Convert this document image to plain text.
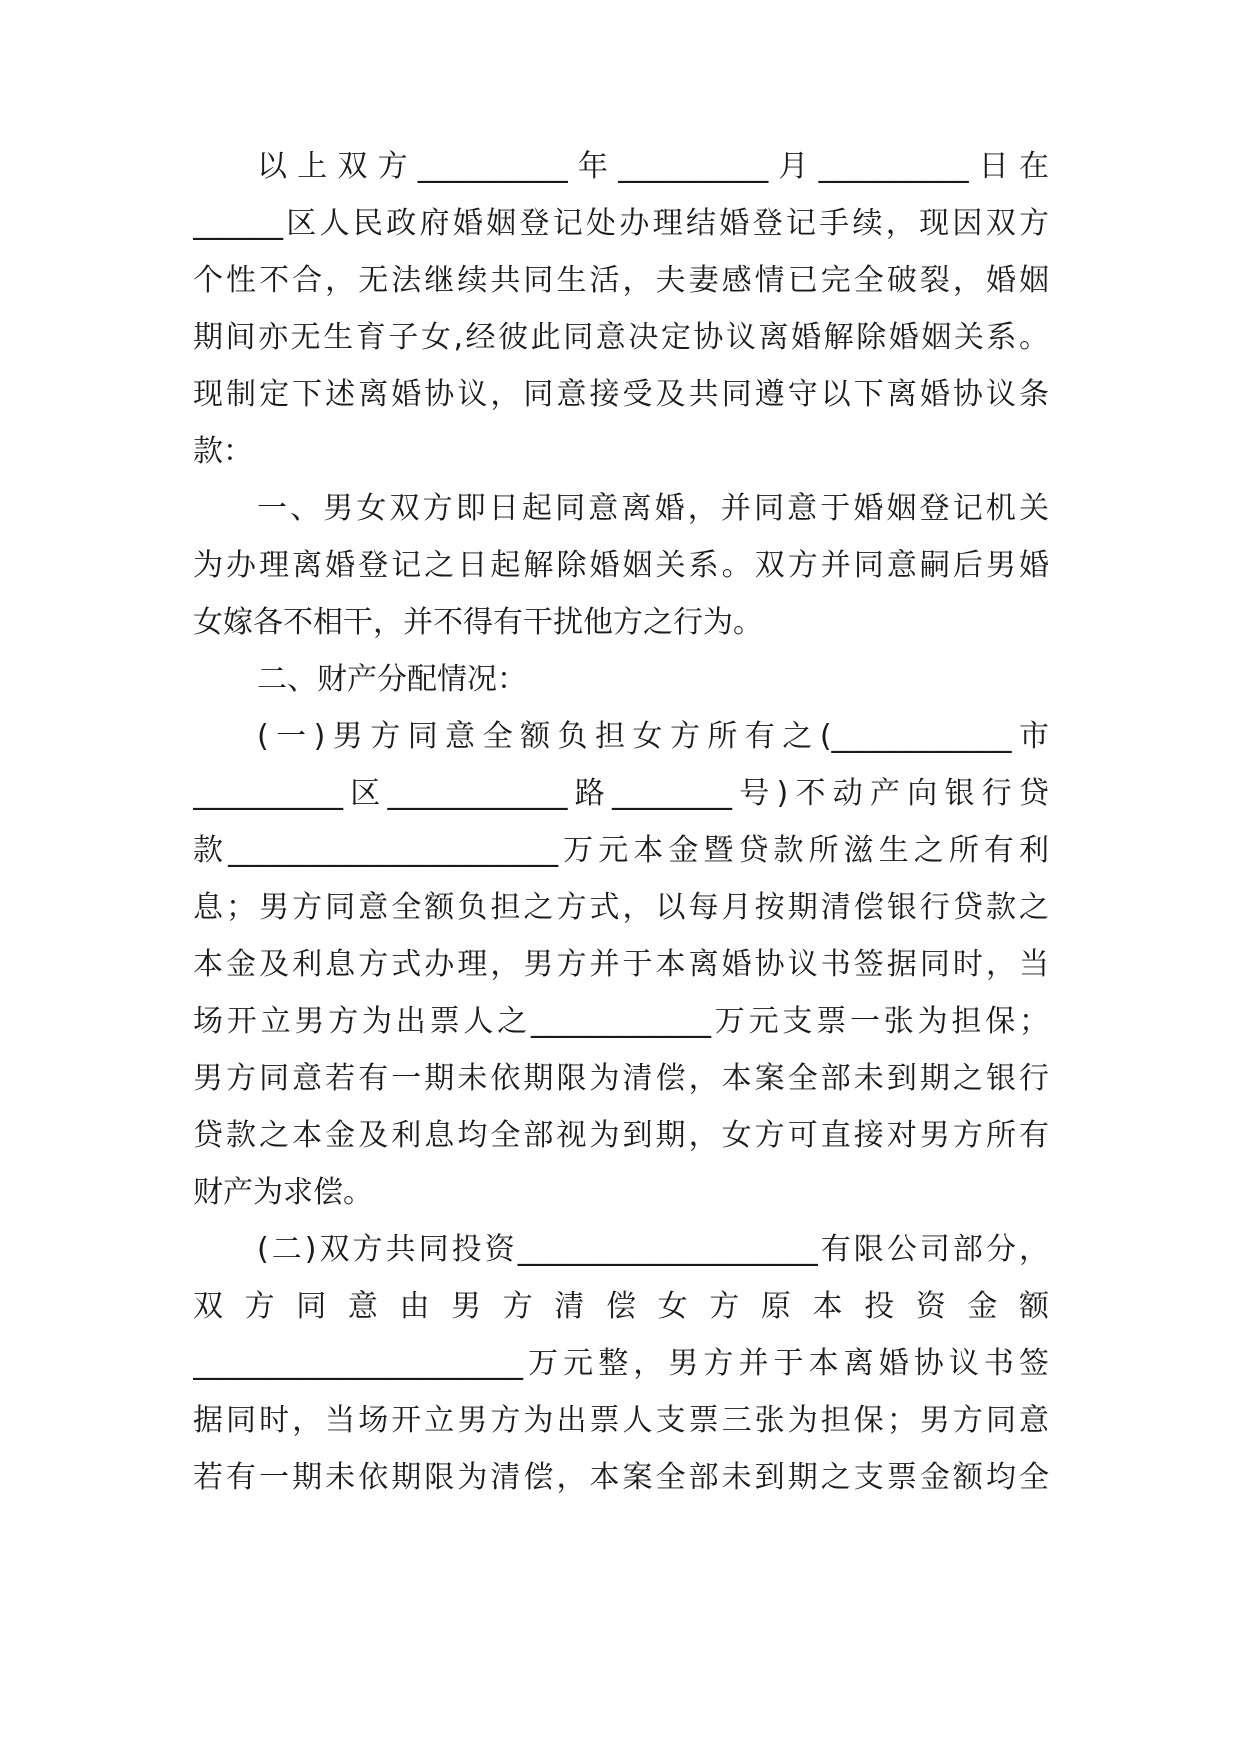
以上双方__________年__________月__________日在
______区人民政府婚姻登记处办理结婚登记手续，现因双方
个性不合，无法继续共同生活，夫妻感情已完全破裂，婚姻
期间亦无生育子女,经彼此同意决定协议离婚解除婚姻关系。
现制定下述离婚协议，同意接受及共同遵守以下离婚协议条
款：
一、男女双方即日起同意离婚，并同意于婚姻登记机关
为办理离婚登记之日起解除婚姻关系。双方并同意嗣后男婚
女嫁各不相干，并不得有干扰他方之行为。
二、财产分配情况：
(一)男方同意全额负担女方所有之(____________市
__________区____________路________号)不动产向银行贷
款______________________万元本金暨贷款所滋生之所有利
息；男方同意全额负担之方式，以每月按期清偿银行贷款之
本金及利息方式办理，男方并于本离婚协议书签据同时，当
场开立男方为出票人之____________万元支票一张为担保；
男方同意若有一期未依期限为清偿，本案全部未到期之银行
贷款之本金及利息均全部视为到期，女方可直接对男方所有
财产为求偿。
(二)双方共同投资____________________有限公司部分，
双方同意由男方清偿女方原本投资金额
______________________万元整，男方并于本离婚协议书签
据同时，当场开立男方为出票人支票三张为担保；男方同意
若有一期未依期限为清偿，本案全部未到期之支票金额均全
